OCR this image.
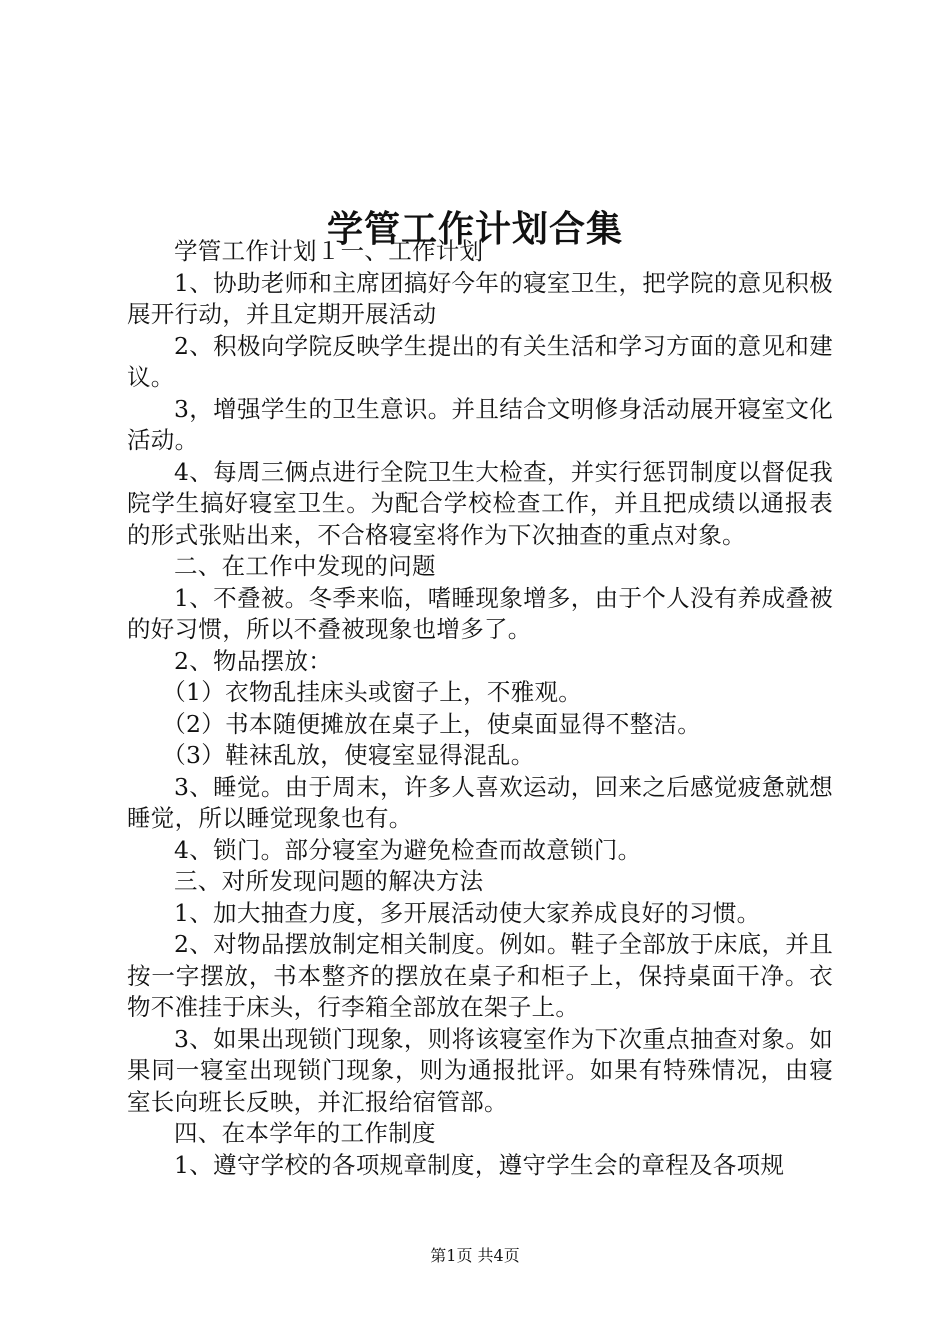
学管工作计划合集

学管工作计划１一、工作计划

1、协助老师和主席团搞好今年的寝室卫生，把学院的意见积极展开行动，并且定期开展活动

2、积极向学院反映学生提出的有关生活和学习方面的意见和建议。

3，增强学生的卫生意识。并且结合文明修身活动展开寝室文化活动。

4、每周三俩点进行全院卫生大检查，并实行惩罚制度以督促我院学生搞好寝室卫生。为配合学校检查工作，并且把成绩以通报表的形式张贴出来，不合格寝室将作为下次抽查的重点对象。

二、在工作中发现的问题

1、不叠被。冬季来临，嗜睡现象增多，由于个人没有养成叠被的好习惯，所以不叠被现象也增多了。

2、物品摆放：

（1）衣物乱挂床头或窗子上，不雅观。

（2）书本随便摊放在桌子上，使桌面显得不整洁。

（3）鞋袜乱放，使寝室显得混乱。

3、睡觉。由于周末，许多人喜欢运动，回来之后感觉疲惫就想睡觉，所以睡觉现象也有。

4、锁门。部分寝室为避免检查而故意锁门。

三、对所发现问题的解决方法

1、加大抽查力度，多开展活动使大家养成良好的习惯。

2、对物品摆放制定相关制度。例如。鞋子全部放于床底，并且按一字摆放，书本整齐的摆放在桌子和柜子上，保持桌面干净。衣物不准挂于床头，行李箱全部放在架子上。

3、如果出现锁门现象，则将该寝室作为下次重点抽查对象。如果同一寝室出现锁门现象，则为通报批评。如果有特殊情况，由寝室长向班长反映，并汇报给宿管部。

四、在本学年的工作制度

1、遵守学校的各项规章制度，遵守学生会的章程及各项规

第1页 共4页
